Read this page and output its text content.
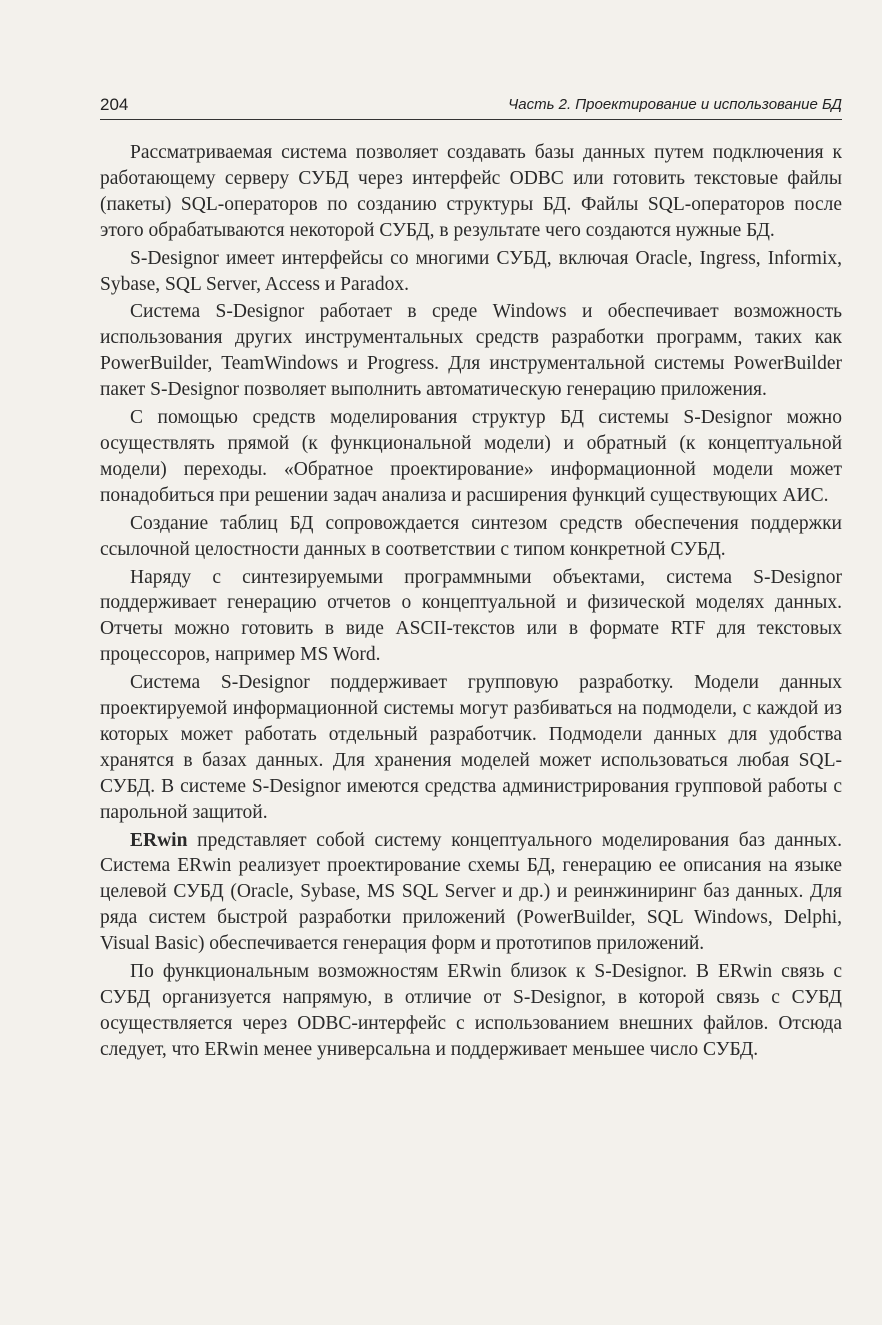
204	Часть 2. Проектирование и использование БД

Рассматриваемая система позволяет создавать базы данных путем подключения к работающему серверу СУБД через интерфейс ODBC или готовить текстовые файлы (пакеты) SQL-операторов по созданию структуры БД. Файлы SQL-операторов после этого обрабатываются некоторой СУБД, в результате чего создаются нужные БД.

S-Designor имеет интерфейсы со многими СУБД, включая Oracle, Ingress, Informix, Sybase, SQL Server, Access и Paradox.

Система S-Designor работает в среде Windows и обеспечивает возможность использования других инструментальных средств разработки программ, таких как PowerBuilder, TeamWindows и Progress. Для инструментальной системы PowerBuilder пакет S-Designor позволяет выполнить автоматическую генерацию приложения.

С помощью средств моделирования структур БД системы S-Designor можно осуществлять прямой (к функциональной модели) и обратный (к концептуальной модели) переходы. «Обратное проектирование» информационной модели может понадобиться при решении задач анализа и расширения функций существующих АИС.

Создание таблиц БД сопровождается синтезом средств обеспечения поддержки ссылочной целостности данных в соответствии с типом конкретной СУБД.

Наряду с синтезируемыми программными объектами, система S-Designor поддерживает генерацию отчетов о концептуальной и физической моделях данных. Отчеты можно готовить в виде ASCII-текстов или в формате RTF для текстовых процессоров, например MS Word.

Система S-Designor поддерживает групповую разработку. Модели данных проектируемой информационной системы могут разбиваться на подмодели, с каждой из которых может работать отдельный разработчик. Подмодели данных для удобства хранятся в базах данных. Для хранения моделей может использоваться любая SQL-СУБД. В системе S-Designor имеются средства администрирования групповой работы с парольной защитой.

ERwin представляет собой систему концептуального моделирования баз данных. Система ERwin реализует проектирование схемы БД, генерацию ее описания на языке целевой СУБД (Oracle, Sybase, MS SQL Server и др.) и реинжиниринг баз данных. Для ряда систем быстрой разработки приложений (PowerBuilder, SQL Windows, Delphi, Visual Basic) обеспечивается генерация форм и прототипов приложений.

По функциональным возможностям ERwin близок к S-Designor. В ERwin связь с СУБД организуется напрямую, в отличие от S-Designor, в которой связь с СУБД осуществляется через ODBC-интерфейс с использованием внешних файлов. Отсюда следует, что ERwin менее универсальна и поддерживает меньшее число СУБД.
